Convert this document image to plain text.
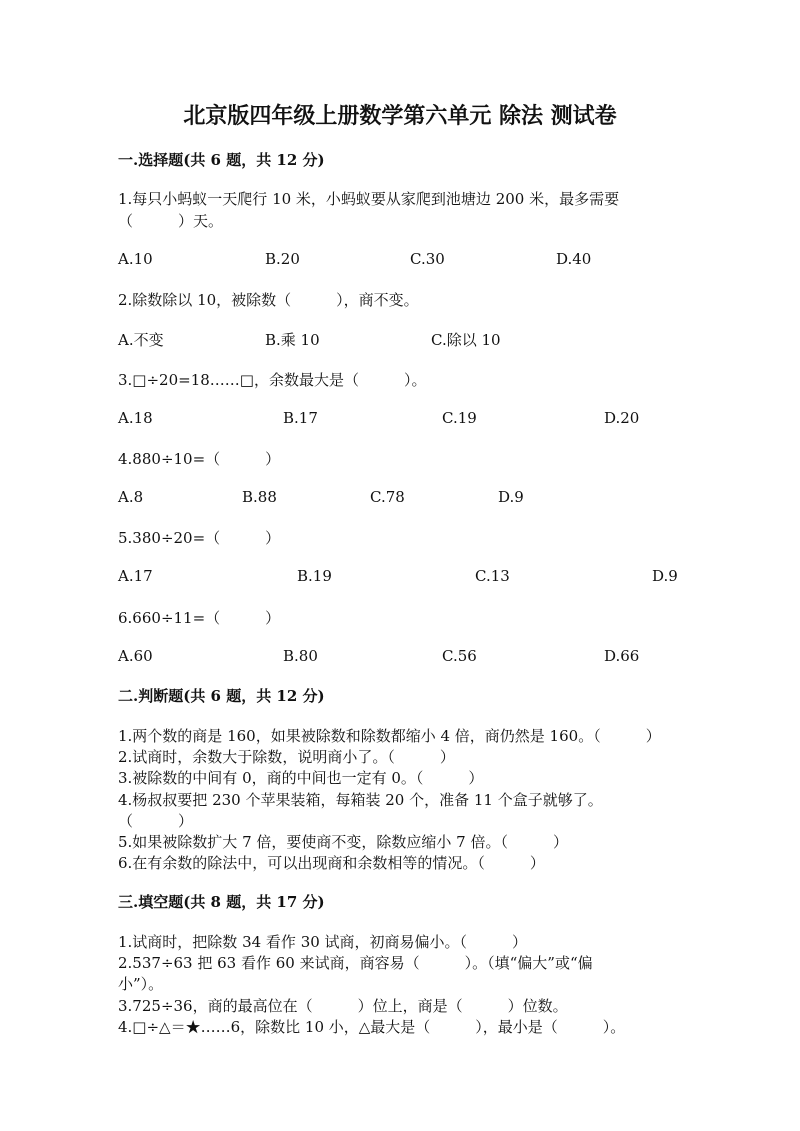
北京版四年级上册数学第六单元 除法 测试卷
一.选择题(共 6 题，共 12 分)
1.每只小蚂蚁一天爬行 10 米，小蚂蚁要从家爬到池塘边 200 米，最多需要
（　　　）天。
A.10	B.20	C.30	D.40
2.除数除以 10，被除数（　　　），商不变。
A.不变	B.乘 10	C.除以 10
3.□÷20=18……□，余数最大是（　　　）。
A.18	B.17	C.19	D.20
4.880÷10=（　　　）
A.8	B.88	C.78	D.9
5.380÷20=（　　　）
A.17	B.19	C.13	D.9
6.660÷11=（　　　）
A.60	B.80	C.56	D.66
二.判断题(共 6 题，共 12 分)
1.两个数的商是 160，如果被除数和除数都缩小 4 倍，商仍然是 160。（　　　）
2.试商时，余数大于除数，说明商小了。（　　　）
3.被除数的中间有 0，商的中间也一定有 0。（　　　）
4.杨叔叔要把 230 个苹果装箱，每箱装 20 个，准备 11 个盒子就够了。
（　　　）
5.如果被除数扩大 7 倍，要使商不变，除数应缩小 7 倍。（　　　）
6.在有余数的除法中，可以出现商和余数相等的情况。（　　　）
三.填空题(共 8 题，共 17 分)
1.试商时，把除数 34 看作 30 试商，初商易偏小。（　　　）
2.537÷63 把 63 看作 60 来试商，商容易（　　　）。（填“偏大”或“偏
小”）。
3.725÷36，商的最高位在（　　　）位上，商是（　　　）位数。
4.□÷△＝★……6，除数比 10 小，△最大是（　　　），最小是（　　　）。
